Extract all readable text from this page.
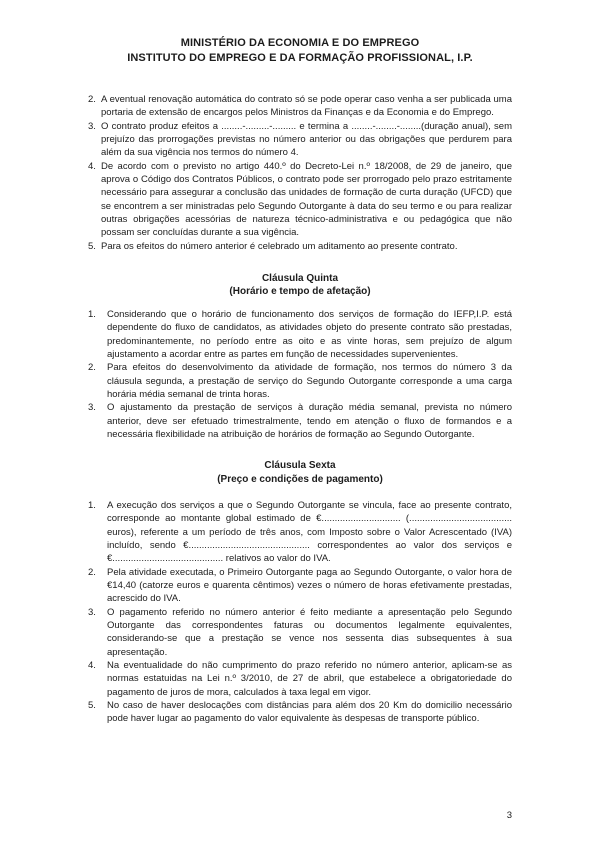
MINISTÉRIO DA ECONOMIA E DO EMPREGO
INSTITUTO DO EMPREGO E DA FORMAÇÃO PROFISSIONAL, I.P.
2. A eventual renovação automática do contrato só se pode operar caso venha a ser publicada uma portaria de extensão de encargos pelos Ministros da Finanças e da Economia e do Emprego.
3. O contrato produz efeitos a ........-.........-......... e termina a ........-........-........(duração anual), sem prejuízo das prorrogações previstas no número anterior ou das obrigações que perdurem para além da sua vigência nos termos do número 4.
4. De acordo com o previsto no artigo 440.º do Decreto-Lei n.º 18/2008, de 29 de janeiro, que aprova o Código dos Contratos Públicos, o contrato pode ser prorrogado pelo prazo estritamente necessário para assegurar a conclusão das unidades de formação de curta duração (UFCD) que se encontrem a ser ministradas pelo Segundo Outorgante à data do seu termo e ou para realizar outras obrigações acessórias de natureza técnico-administrativa e ou pedagógica que não possam ser concluídas durante a sua vigência.
5. Para os efeitos do número anterior é celebrado um aditamento ao presente contrato.
Cláusula Quinta
(Horário e tempo de afetação)
1.	Considerando que o horário de funcionamento dos serviços de formação do IEFP,I.P. está dependente do fluxo de candidatos, as atividades objeto do presente contrato são prestadas, predominantemente, no período entre as oito e as vinte horas, sem prejuízo de algum ajustamento a acordar entre as partes em função de necessidades supervenientes.
2.	Para efeitos do desenvolvimento da atividade de formação, nos termos do número 3 da cláusula segunda, a prestação de serviço do Segundo Outorgante corresponde a uma carga horária média semanal de trinta horas.
3.	O ajustamento da prestação de serviços à duração média semanal, prevista no número anterior, deve ser efetuado trimestralmente, tendo em atenção o fluxo de formandos e a necessária flexibilidade na atribuição de horários de formação ao Segundo Outorgante.
Cláusula Sexta
(Preço e condições de pagamento)
1.	A execução dos serviços a que o Segundo Outorgante se vincula, face ao presente contrato, corresponde ao montante global estimado de €.............................. (....................................... euros), referente a um período de três anos, com Imposto sobre o Valor Acrescentado (IVA) incluído, sendo €.............................................. correspondentes ao valor dos serviços e €.......................................... relativos ao valor do IVA.
2.	Pela atividade executada, o Primeiro Outorgante paga ao Segundo Outorgante, o valor hora de €14,40 (catorze euros e quarenta cêntimos) vezes o número de horas efetivamente prestadas, acrescido do IVA.
3.	O pagamento referido no número anterior é feito mediante a apresentação pelo Segundo Outorgante das correspondentes faturas ou documentos legalmente equivalentes, considerando-se que a prestação se vence nos sessenta dias subsequentes à sua apresentação.
4.	Na eventualidade do não cumprimento do prazo referido no número anterior, aplicam-se as normas estatuidas na Lei n.º 3/2010, de 27 de abril, que estabelece a obrigatoriedade do pagamento de juros de mora, calculados à taxa legal em vigor.
5.	No caso de haver deslocações com distâncias para além dos 20 Km do domicilio necessário pode haver lugar ao pagamento do valor equivalente às despesas de transporte público.
3
